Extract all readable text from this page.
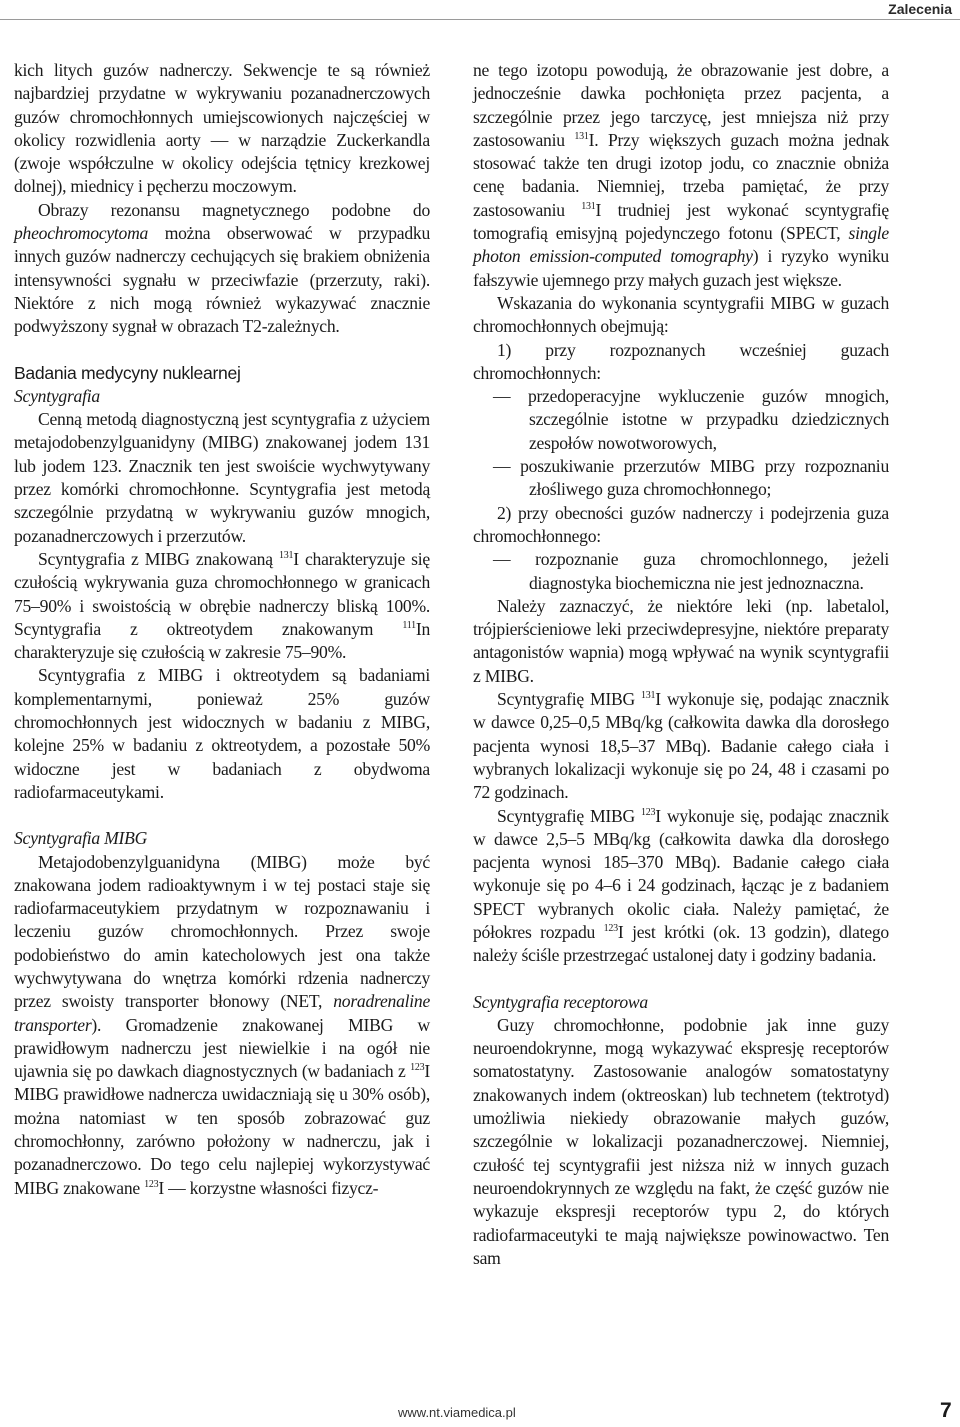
Zalecenia

kich litych guzów nadnerczy. Sekwencje te są również najbardziej przydatne w wykrywaniu pozanadnerczowych guzów chromochłonnych umiejscowionych najczęściej w okolicy rozwidlenia aorty — w narządzie Zuckerkandla (zwoje współczulne w okolicy odejścia tętnicy krezkowej dolnej), miednicy i pęcherzu moczowym.

Obrazy rezonansu magnetycznego podobne do pheochromocytoma można obserwować w przypadku innych guzów nadnerczy cechujących się brakiem obniżenia intensywności sygnału w przeciwfazie (przerzuty, raki). Niektóre z nich mogą również wykazywać znacznie podwyższony sygnał w obrazach T2-zależnych.

Badania medycyny nuklearnej
Scyntygrafia

Cenną metodą diagnostyczną jest scyntygrafia z użyciem metajodobenzylguanidyny (MIBG) znakowanej jodem 131 lub jodem 123. Znacznik ten jest swoiście wychwytywany przez komórki chromochłonne. Scyntygrafia jest metodą szczególnie przydatną w wykrywaniu guzów mnogich, pozanadnerczowych i przerzutów.

Scyntygrafia z MIBG znakowaną $^{131}$I charakteryzuje się czułością wykrywania guza chromochłonnego w granicach 75–90% i swoistością w obrębie nadnerczy bliską 100%. Scyntygrafia z oktreotydem znakowanym $^{111}$In charakteryzuje się czułością w zakresie 75–90%.

Scyntygrafia z MIBG i oktreotydem są badaniami komplementarnymi, ponieważ 25% guzów chromochłonnych jest widocznych w badaniu z MIBG, kolejne 25% w badaniu z oktreotydem, a pozostałe 50% widoczne jest w badaniach z obydwoma radiofarmaceutykami.

Scyntygrafia MIBG

Metajodobenzylguanidyna (MIBG) może być znakowana jodem radioaktywnym i w tej postaci staje się radiofarmaceutykiem przydatnym w rozpoznawaniu i leczeniu guzów chromochłonnych. Przez swoje podobieństwo do amin katecholowych jest ona także wychwytywana do wnętrza komórki rdzenia nadnerczy przez swoisty transporter błonowy (NET, noradrenaline transporter). Gromadzenie znakowanej MIBG w prawidłowym nadnerczu jest niewielkie i na ogół nie ujawnia się po dawkach diagnostycznych (w badaniach z $^{123}$I MIBG prawidłowe nadnercza uwidaczniają się u 30% osób), można natomiast w ten sposób zobrazować guz chromochłonny, zarówno położony w nadnerczu, jak i pozanadnerczowo. Do tego celu najlepiej wykorzystywać MIBG znakowane $^{123}$I — korzystne własności fizycz-

ne tego izotopu powodują, że obrazowanie jest dobre, a jednocześnie dawka pochłonięta przez pacjenta, a szczególnie przez jego tarczycę, jest mniejsza niż przy zastosowaniu $^{131}$I. Przy większych guzach można jednak stosować także ten drugi izotop jodu, co znacznie obniża cenę badania. Niemniej, trzeba pamiętać, że przy zastosowaniu $^{131}$I trudniej jest wykonać scyntygrafię tomografią emisyjną pojedynczego fotonu (SPECT, single photon emission-computed tomography) i ryzyko wyniku fałszywie ujemnego przy małych guzach jest większe.

Wskazania do wykonania scyntygrafii MIBG w guzach chromochłonnych obejmują:

1) przy rozpoznanych wcześniej guzach chromochłonnych:

— przedoperacyjne wykluczenie guzów mnogich, szczególnie istotne w przypadku dziedzicznych zespołów nowotworowych,

— poszukiwanie przerzutów MIBG przy rozpoznaniu złośliwego guza chromochłonnego;

2) przy obecności guzów nadnerczy i podejrzenia guza chromochłonnego:

— rozpoznanie guza chromochlonnego, jeżeli diagnostyka biochemiczna nie jest jednoznaczna.

Należy zaznaczyć, że niektóre leki (np. labetalol, trójpierścieniowe leki przeciwdepresyjne, niektóre preparaty antagonistów wapnia) mogą wpływać na wynik scyntygrafii z MIBG.

Scyntygrafię MIBG $^{131}$I wykonuje się, podając znacznik w dawce 0,25–0,5 MBq/kg (całkowita dawka dla dorosłego pacjenta wynosi 18,5–37 MBq). Badanie całego ciała i wybranych lokalizacji wykonuje się po 24, 48 i czasami po 72 godzinach.

Scyntygrafię MIBG $^{123}$I wykonuje się, podając znacznik w dawce 2,5–5 MBq/kg (całkowita dawka dla dorosłego pacjenta wynosi 185–370 MBq). Badanie całego ciała wykonuje się po 4–6 i 24 godzinach, łącząc je z badaniem SPECT wybranych okolic ciała. Należy pamiętać, że półokres rozpadu $^{123}$I jest krótki (ok. 13 godzin), dlatego należy ściśle przestrzegać ustalonej daty i godziny badania.

Scyntygrafia receptorowa

Guzy chromochłonne, podobnie jak inne guzy neuroendokrynne, mogą wykazywać ekspresję receptorów somatostatyny. Zastosowanie analogów somatostatyny znakowanych indem (oktreoskan) lub technetem (tektrotyd) umożliwia niekiedy obrazowanie małych guzów, szczególnie w lokalizacji pozanadnerczowej. Niemniej, czułość tej scyntygrafii jest niższa niż w innych guzach neuroendokrynnych ze względu na fakt, że część guzów nie wykazuje ekspresji receptorów typu 2, do których radiofarmaceutyki te mają największe powinowactwo. Ten sam

www.nt.viamedica.pl	7
